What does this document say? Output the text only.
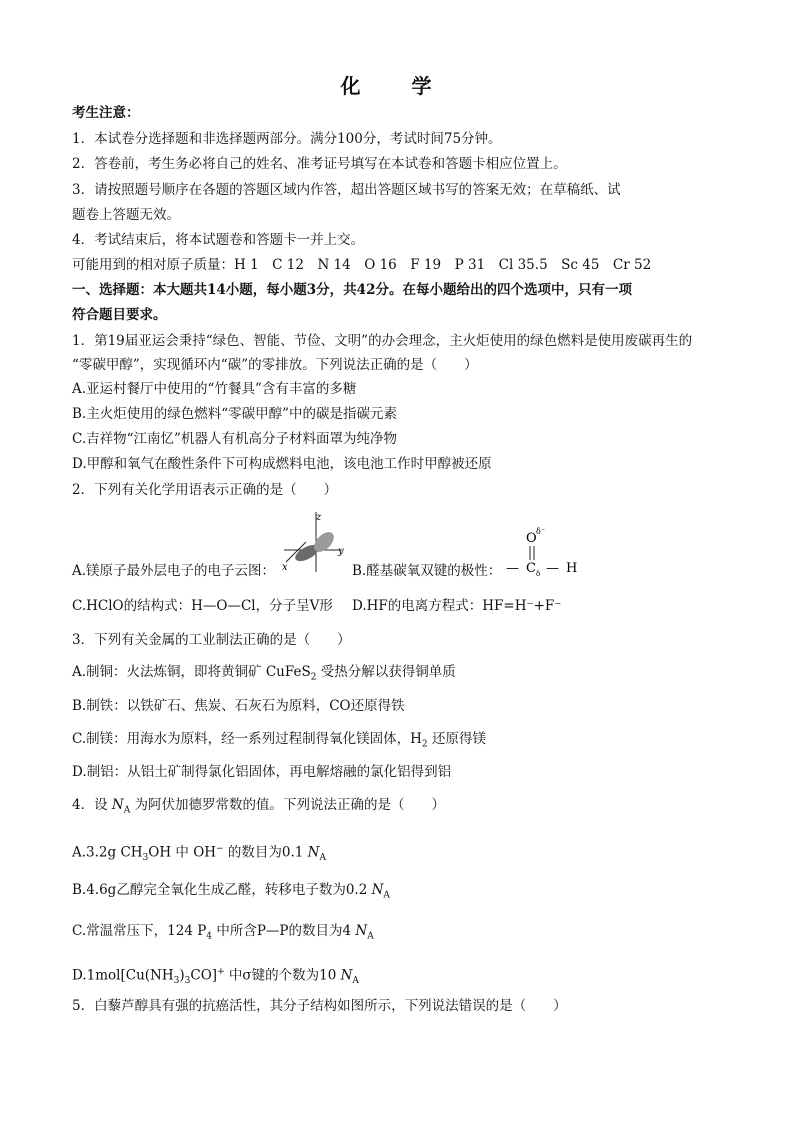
化 学
考生注意：
1．本试卷分选择题和非选择题两部分。满分100分，考试时间75分钟。
2．答卷前，考生务必将自己的姓名、准考证号填写在本试卷和答题卡相应位置上。
3．请按照题号顺序在各题的答题区域内作答，超出答题区域书写的答案无效；在草稿纸、试
题卷上答题无效。
4．考试结束后，将本试题卷和答题卡一并上交。
可能用到的相对原子质量：H 1　C 12　N 14　O 16　F 19　P 31　Cl 35.5　Sc 45　Cr 52
一、选择题：本大题共14小题，每小题3分，共42分。在每小题给出的四个选项中，只有一项
符合题目要求。
1．第19届亚运会秉持“绿色、智能、节俭、文明”的办会理念，主火炬使用的绿色燃料是使用废碳再生的
“零碳甲醇”，实现循环内“碳”的零排放。下列说法正确的是（　　）
A.亚运村餐厅中使用的“竹餐具”含有丰富的多糖
B.主火炬使用的绿色燃料“零碳甲醇”中的碳是指碳元素
C.吉祥物“江南忆”机器人有机高分子材料面罩为纯净物
D.甲醇和氧气在酸性条件下可构成燃料电池，该电池工作时甲醇被还原
2．下列有关化学用语表示正确的是（　　）
z
y
x
A.镁原子最外层电子的电子云图：	B.醛基碳氧双键的极性：
O δ⁻
— C δ — H
C.HClO的结构式：H—O—Cl，分子呈V形 D.HF的电离方程式：HF=H⁻+F⁻
3．下列有关金属的工业制法正确的是（　　）
A.制铜：火法炼铜，即将黄铜矿 CuFeS$_2$ 受热分解以获得铜单质
B.制铁：以铁矿石、焦炭、石灰石为原料，CO还原得铁
C.制镁：用海水为原料，经一系列过程制得氧化镁固体，$H_2$ 还原得镁
D.制铝：从铝土矿制得氯化铝固体，再电解熔融的氯化铝得到铝
4．设 $N_A$ 为阿伏加德罗常数的值。下列说法正确的是（　　）
A.3.2g $CH_3OH$ 中 OH− 的数目为0.1 $N_A$
B.4.6g乙醇完全氧化生成乙醛，转移电子数为0.2 $N_A$
C.常温常压下，124 $P_4$ 中所含P—P的数目为4 $N_A$
$D.1mol[Cu(NH_3)_3CO]^+$ 中σ键的个数为10 $N_A$
5．白藜芦醇具有强的抗癌活性，其分子结构如图所示，下列说法错误的是（　　）
